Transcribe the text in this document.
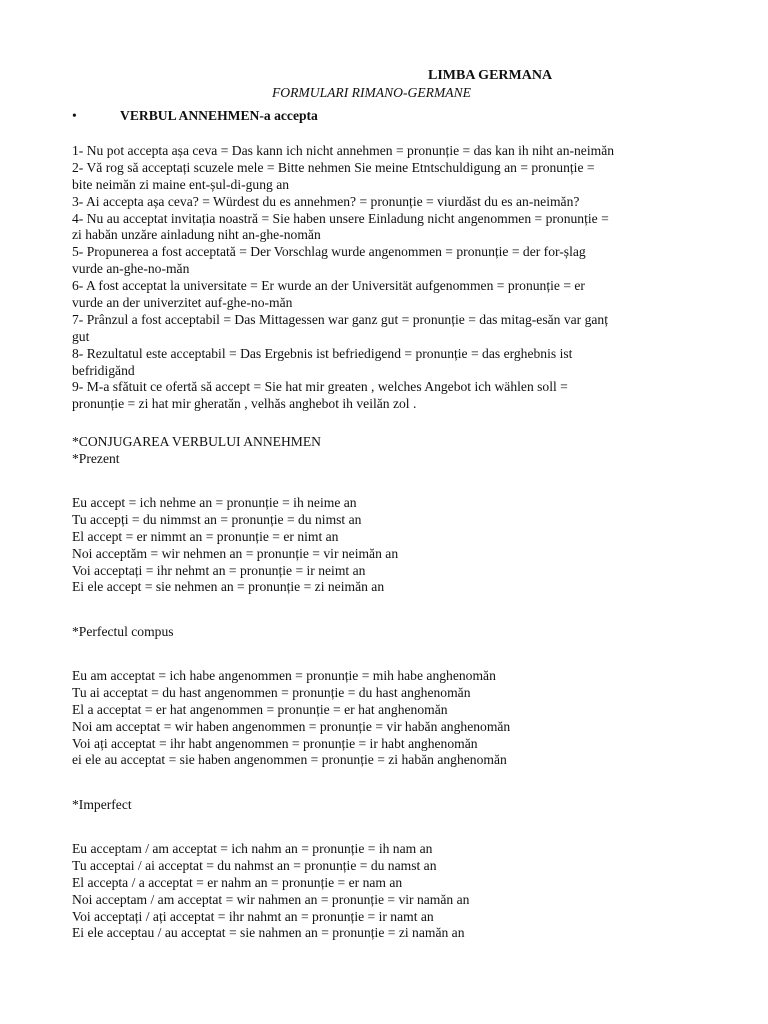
LIMBA GERMANA
FORMULARI RIMANO-GERMANE
•	VERBUL ANNEHMEN-a accepta
1- Nu pot accepta așa ceva = Das kann ich nicht annehmen = pronunție = das kan ih niht an-neimăn
2- Vă rog să acceptați scuzele mele = Bitte nehmen Sie meine Etntschuldigung an = pronunție =
bite neimăn zi maine ent-șul-di-gung an
3- Ai accepta așa ceva? = Würdest du es annehmen? = pronunție = viurdăst du es an-neimăn?
4- Nu au acceptat invitația noastră = Sie haben unsere Einladung nicht angenommen = pronunție =
zi habăn unzăre ainladung niht an-ghe-nomăn
5- Propunerea a fost acceptată = Der Vorschlag wurde angenommen = pronunție = der for-șlag
vurde an-ghe-no-măn
6- A fost acceptat la universitate = Er wurde an der Universität aufgenommen = pronunție = er
vurde an der univerzitet auf-ghe-no-măn
7- Prânzul a fost acceptabil = Das Mittagessen war ganz gut = pronunție = das mitag-esăn var ganț
gut
8- Rezultatul este acceptabil = Das Ergebnis ist befriedigend = pronunție = das erghebnis ist
befridigănd
9- M-a sfătuit ce ofertă să accept = Sie hat mir greaten , welches Angebot ich wählen soll =
pronunție = zi hat mir gheratăn , velhăs anghebot ih veilăn zol .
*CONJUGAREA VERBULUI ANNEHMEN
*Prezent
Eu accept = ich nehme an = pronunție = ih neime an
Tu accepți = du nimmst an = pronunție = du nimst an
El accept = er nimmt an = pronunție = er nimt an
Noi acceptăm = wir nehmen an = pronunție = vir neimăn an
Voi acceptați = ihr nehmt an = pronunție = ir neimt an
Ei ele accept = sie nehmen an = pronunție = zi neimăn an
*Perfectul compus
Eu am acceptat = ich habe angenommen = pronunție = mih habe anghenomăn
Tu ai acceptat = du hast angenommen = pronunție = du hast anghenomăn
El a acceptat = er hat angenommen = pronunție = er hat anghenomăn
Noi am acceptat = wir haben angenommen = pronunție = vir habăn anghenomăn
Voi ați acceptat = ihr habt angenommen = pronunție = ir habt anghenomăn
ei ele au acceptat = sie haben angenommen = pronunție = zi habăn anghenomăn
*Imperfect
Eu acceptam / am acceptat = ich nahm an = pronunție = ih nam an
Tu acceptai / ai acceptat = du nahmst an = pronunție = du namst an
El accepta / a acceptat = er nahm an = pronunție = er nam an
Noi acceptam / am acceptat = wir nahmen an = pronunție = vir namăn an
Voi acceptați / ați acceptat = ihr nahmt an = pronunție = ir namt an
Ei ele acceptau / au acceptat = sie nahmen an = pronunție = zi namăn an
